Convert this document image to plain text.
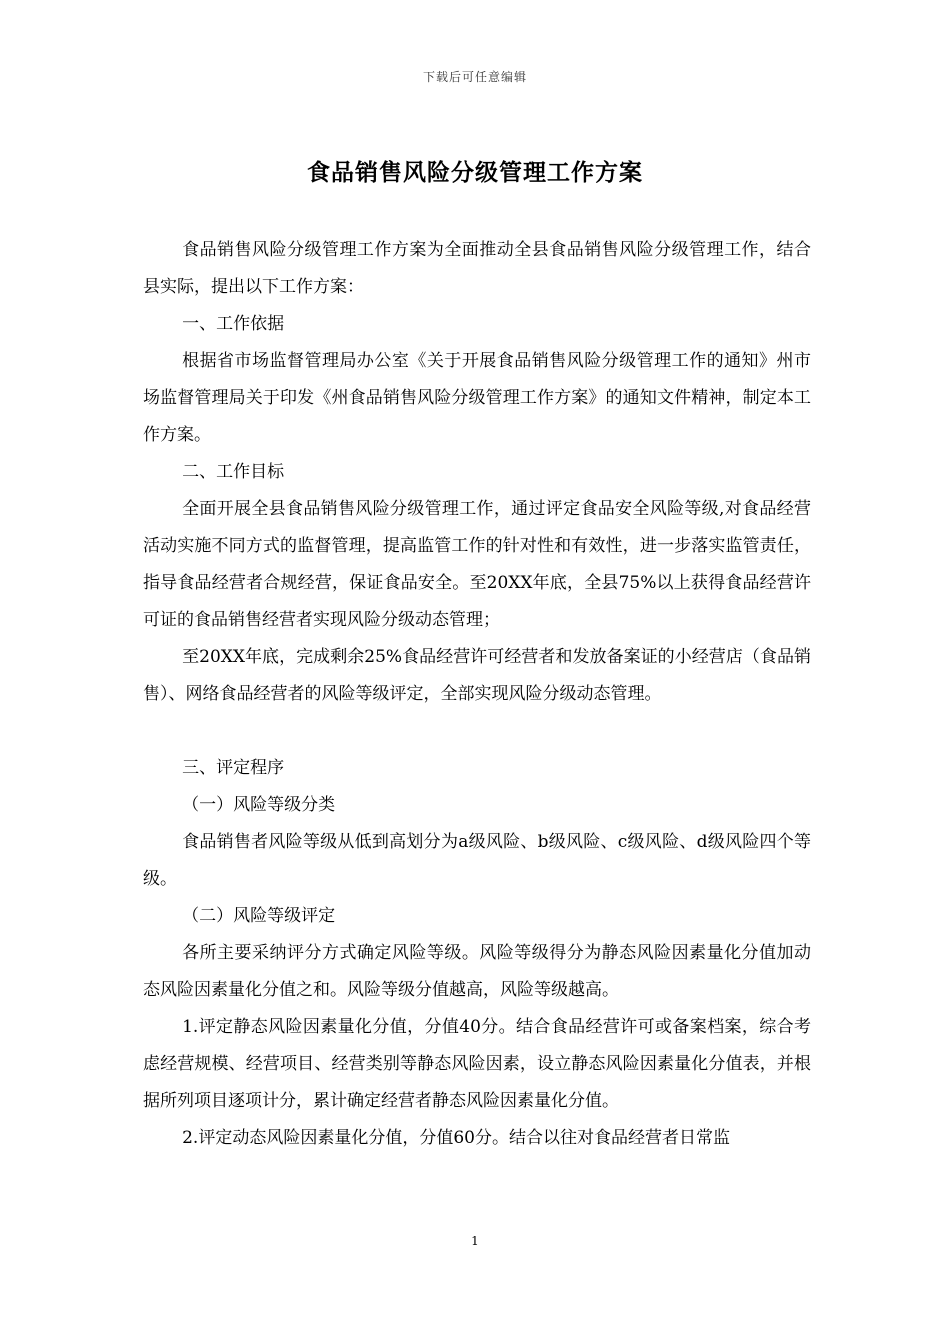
下载后可任意编辑
食品销售风险分级管理工作方案

食品销售风险分级管理工作方案为全面推动全县食品销售风险分级管理工作，结合县实际，提出以下工作方案：

一、工作依据

根据省市场监督管理局办公室《关于开展食品销售风险分级管理工作的通知》州市场监督管理局关于印发《州食品销售风险分级管理工作方案》的通知文件精神，制定本工作方案。

二、工作目标

全面开展全县食品销售风险分级管理工作，通过评定食品安全风险等级,对食品经营活动实施不同方式的监督管理，提高监管工作的针对性和有效性，进一步落实监管责任，指导食品经营者合规经营，保证食品安全。至20XX年底，全县75%以上获得食品经营许可证的食品销售经营者实现风险分级动态管理；

至20XX年底，完成剩余25%食品经营许可经营者和发放备案证的小经营店（食品销售）、网络食品经营者的风险等级评定，全部实现风险分级动态管理。

三、评定程序

（一）风险等级分类

食品销售者风险等级从低到高划分为a级风险、b级风险、c级风险、d级风险四个等级。

（二）风险等级评定

各所主要采纳评分方式确定风险等级。风险等级得分为静态风险因素量化分值加动态风险因素量化分值之和。风险等级分值越高，风险等级越高。

1.评定静态风险因素量化分值，分值40分。结合食品经营许可或备案档案，综合考虑经营规模、经营项目、经营类别等静态风险因素，设立静态风险因素量化分值表，并根据所列项目逐项计分，累计确定经营者静态风险因素量化分值。

2.评定动态风险因素量化分值，分值60分。结合以往对食品经营者日常监

1
